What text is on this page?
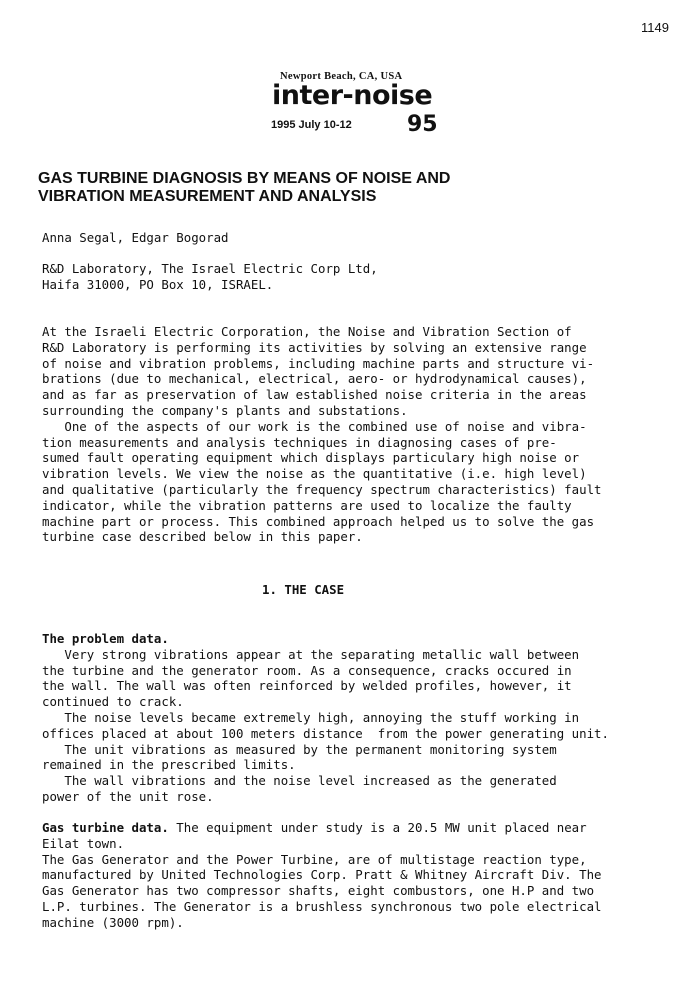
1149
Newport Beach, CA, USA
inter-noise
1995 July 10-12	95
GAS TURBINE DIAGNOSIS BY MEANS OF NOISE AND
VIBRATION MEASUREMENT AND ANALYSIS
Anna Segal, Edgar Bogorad
R&D Laboratory, The Israel Electric Corp Ltd,
Haifa 31000, PO Box 10, ISRAEL.
At the Israeli Electric Corporation, the Noise and Vibration Section of
R&D Laboratory is performing its activities by solving an extensive range
of noise and vibration problems, including machine parts and structure vi-
brations (due to mechanical, electrical, aero- or hydrodynamical causes),
and as far as preservation of law established noise criteria in the areas
surrounding the company's plants and substations.
One of the aspects of our work is the combined use of noise and vibra-
tion measurements and analysis techniques in diagnosing cases of pre-
sumed fault operating equipment which displays particulary high noise or
vibration levels. We view the noise as the quantitative (i.e. high level)
and qualitative (particularly the frequency spectrum characteristics) fault
indicator, while the vibration patterns are used to localize the faulty
machine part or process. This combined approach helped us to solve the gas
turbine case described below in this paper.
1. THE CASE
The problem data.
Very strong vibrations appear at the separating metallic wall between
the turbine and the generator room. As a consequence, cracks occured in
the wall. The wall was often reinforced by welded profiles, however, it
continued to crack.
The noise levels became extremely high, annoying the stuff working in
offices placed at about 100 meters distance  from the power generating unit.
The unit vibrations as measured by the permanent monitoring system
remained in the prescribed limits.
The wall vibrations and the noise level increased as the generated
power of the unit rose.
Gas turbine data. The equipment under study is a 20.5 MW unit placed near
Eilat town.
The Gas Generator and the Power Turbine, are of multistage reaction type,
manufactured by United Technologies Corp. Pratt & Whitney Aircraft Div. The
Gas Generator has two compressor shafts, eight combustors, one H.P and two
L.P. turbines. The Generator is a brushless synchronous two pole electrical
machine (3000 rpm).
